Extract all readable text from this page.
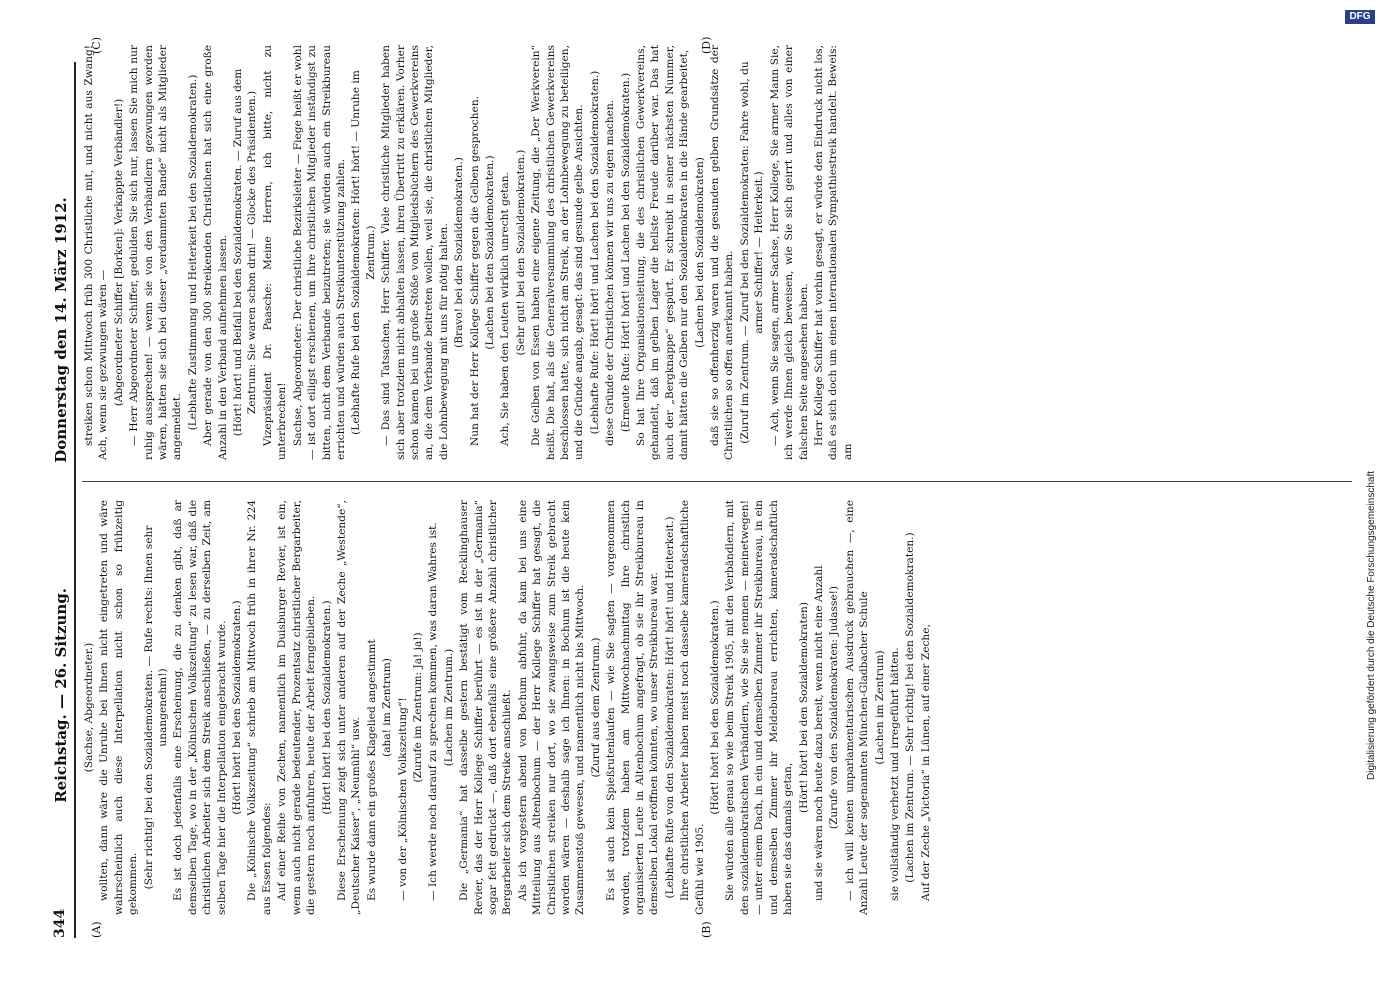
344
Reichstag. — 26. Sitzung. Donnerstag den 14. März 1912.
(A)	(B)
(C)	(D)

(Sachse, Abgeordneter.) wollten, dann wäre die Unruhe bei Ihnen nicht eingetreten und wäre wahrscheinlich auch diese Interpellation nicht schon so frühzeitig gekommen. (Sehr richtig! bei den Sozialdemokraten. — Rufe rechts: Ihnen sehr unangenehm!) Es ist doch jedenfalls eine Erscheinung, die zu denken gibt, daß ar demselben Tage, wo in der „Kölnischen Volkszeitung“ zu lesen war, daß die christlichen Arbeiter sich dem Streik anschließen, — zu derselben Zeit, am selben Tage hier die Interpellation eingebracht wurde. (Hört! hört! bei den Sozialdemokraten.) Die „Kölnische Volkszeitung“ schrieb am Mittwoch früh in ihrer Nr. 224 aus Essen folgendes: Auf einer Reihe von Zechen, namentlich im Duisburger Revier, ist ein, wenn auch nicht gerade bedeutender, Prozentsatz christlicher Bergarbeiter, die gestern noch anfuhren, heute der Arbeit ferngeblieben. (Hört! hört! bei den Sozialdemokraten.) Diese Erscheinung zeigt sich unter anderen auf der Zeche „Westende“, „Deutscher Kaiser“, „Neumühl“ usw. Es wurde dann ein großes Klagelied angestimmt (aha! im Zentrum) — von der „Kölnischen Volkszeitung“! (Zurufe im Zentrum: Ja! ja!) — Ich werde noch darauf zu sprechen kommen, was daran Wahres ist. (Lachen im Zentrum.) Die „Germania“ hat dasselbe gestern bestätigt vom Recklinghauser Revier, das der Herr Kollege Schiffer berührt — es ist in der „Germania“ sogar fett gedruckt —, daß dort ebenfalls eine größere Anzahl christlicher Bergarbeiter sich dem Streike anschließt. Als ich vorgestern abend von Bochum abfuhr, da kam bei uns eine Mitteilung aus Altenbochum — der Herr Kollege Schiffer hat gesagt, die Christlichen streiken nur dort, wo sie zwangsweise zum Streik gebracht worden wären — deshalb sage ich Ihnen: in Bochum ist die heute kein Zusammenstoß gewesen, und namentlich nicht bis Mittwoch. (Zuruf aus dem Zentrum.) Es ist auch kein Spießrutenlaufen — wie Sie sagten — vorgenommen worden, trotzdem haben am Mittwochnachmittag Ihre christlich organisierten Leute in Altenbochum angefragt, ob sie ihr Streikbureau in demselben Lokal eröffnen könnten, wo unser Streikbureau war. (Lebhafte Rufe von den Sozialdemokraten: Hört! hört! und Heiterkeit.) Ihre christlichen Arbeiter haben meist noch dasselbe kameradschaftliche Gefühl wie 1905.

(Hört! hört! bei den Sozialdemokraten.) Sie würden alle genau so wie beim Streik 1905, mit den Verbändlern, mit den sozialdemokratischen Verbändlern, wie Sie sie nennen — meinetwegen! — unter einem Dach, in ein und demselben Zimmer ihr Streikbureau, in ein und demselben Zimmer ihr Meldebureau errichten, kameradschaftlich haben sie das damals getan,

(Hört! hört! bei den Sozialdemokraten) und sie wären noch heute dazu bereit, wenn nicht eine Anzahl (Zurufe von den Sozialdemokraten: Judasse!) — ich will keinen unparlamentarischen Ausdruck gebrauchen —, eine Anzahl Leute der sogenannten München-Gladbacher Schule (Lachen im Zentrum) sie vollständig verhetzt und irregeführt hätten. (Lachen im Zentrum. — Sehr richtig! bei den Sozialdemokraten.) Auf der Zeche „Victoria“ in Lünen, auf einer Zeche,

streiken schon Mittwoch früh 300 Christliche mit, und nicht aus Zwang! Ach, wenn sie gezwungen wären — (Abgeordneter Schiffer [Borken]: Verkappte Verbändler!) — Herr Abgeordneter Schiffer, gedulden Sie sich nur, lassen Sie mich nur ruhig aussprechen! — wenn sie von den Verbändlern gezwungen worden wären, hätten sie sich bei dieser „verdammten Bande“ nicht als Mitglieder angemeldet. (Lebhafte Zustimmung und Heiterkeit bei den Sozialdemokraten.) Aber gerade von den 300 streikenden Christlichen hat sich eine große Anzahl in den Verband aufnehmen lassen. (Hört! hört! und Beifall bei den Sozialdemokraten. — Zuruf aus dem Zentrum: Sie waren schon drin! — Glocke des Präsidenten.) Vizepräsident Dr. Paasche: Meine Herren, ich bitte, nicht zu unterbrechen! Sachse, Abgeordneter: Der christliche Bezirksleiter — Fiege heißt er wohl — ist dort eiligst erschienen, um Ihre christlichen Mitglieder inständigst zu bitten, nicht dem Verbande beizutreten; sie würden auch ein Streikbureau errichten und würden auch Streikunterstützung zahlen. (Lebhafte Rufe bei den Sozialdemokraten: Hört! hört! — Unruhe im Zentrum.) — Das sind Tatsachen, Herr Schiffer. Viele christliche Mitglieder haben sich aber trotzdem nicht abhalten lassen, ihren Übertritt zu erklären. Vorher schon kamen bei uns große Stöße von Mitgliedsbüchern des Gewerkvereins an, die dem Verbande beitreten wollen, weil sie, die christlichen Mitglieder, die Lohnbewegung mit uns für nötig halten. (Bravo! bei den Sozialdemokraten.) Nun hat der Herr Kollege Schiffer gegen die Gelben gesprochen. (Lachen bei den Sozialdemokraten.) Ach, Sie haben den Leuten wirklich unrecht getan. (Sehr gut! bei den Sozialdemokraten.) Die Gelben von Essen haben eine eigene Zeitung, die „Der Werkverein“ heißt. Die hat, als die Generalversammlung des christlichen Gewerkvereins beschlossen hatte, sich nicht am Streik, an der Lohnbewegung zu beteiligen, und die Gründe angab, gesagt: das sind gesunde gelbe Ansichten. (Lebhafte Rufe: Hört! hört! und Lachen bei den Sozialdemokraten.) diese Gründe der Christlichen können wir uns zu eigen machen. (Erneute Rufe: Hört! hört! und Lachen bei den Sozialdemokraten.) So hat Ihre Organisationsleitung, die des christlichen Gewerkvereins, gehandelt, daß im gelben Lager die hellste Freude darüber war. Das hat auch der „Bergknappe“ gespürt. Er schreibt in seiner nächsten Nummer, damit hätten die Gelben nur den Sozialdemokraten in die Hände gearbeitet, (Lachen bei den Sozialdemokraten) daß sie so offenherzig waren und die gesunden gelben Grundsätze der Christlichen so offen anerkannt haben. (Zuruf im Zentrum. — Zuruf bei den Sozialdemokraten: Fahre wohl, du armer Schiffer! — Heiterkeit.) — Ach, wenn Sie sagen, armer Sachse, Herr Kollege, Sie armer Mann Sie, ich werde Ihnen gleich beweisen, wie Sie sich geirrt und alles von einer falschen Seite angesehen haben. Herr Kollege Schiffer hat vorhin gesagt, er würde den Eindruck nicht los, daß es sich doch um einen internationalen Sympathiestreik handelt. Beweis: am

Digitalisierung gefördert durch die Deutsche Forschungsgemeinschaft
DFG
